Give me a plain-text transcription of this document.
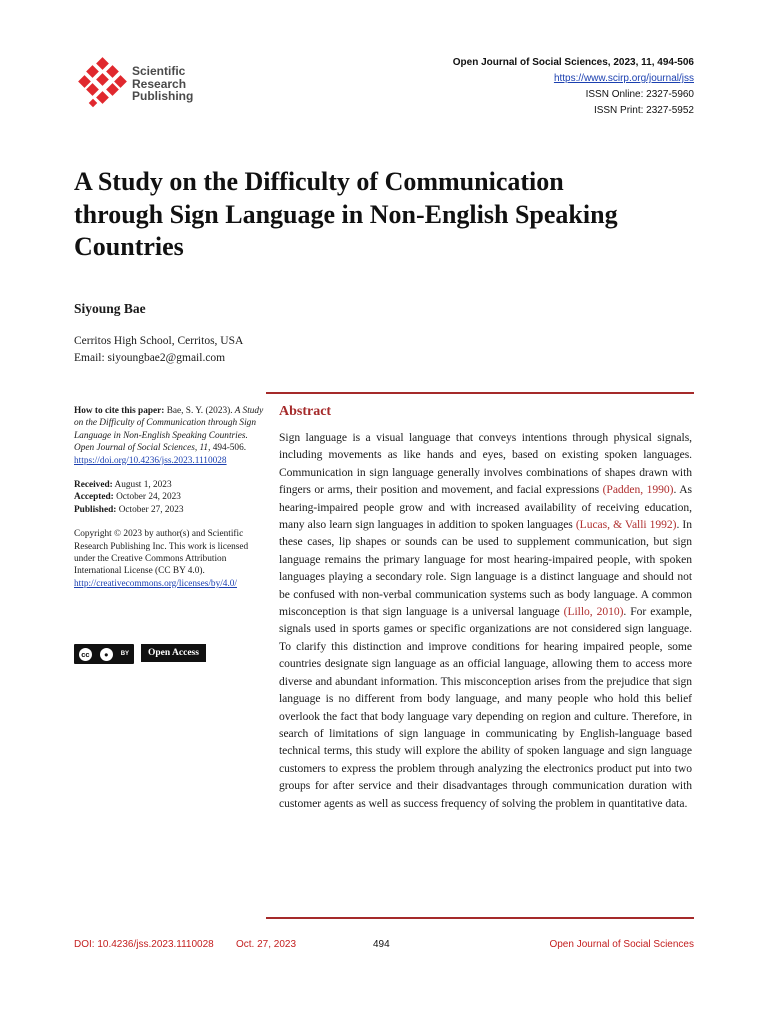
Scientific
Research
Publishing
Open Journal of Social Sciences, 2023, 11, 494-506
https://www.scirp.org/journal/jss
ISSN Online: 2327-5960
ISSN Print: 2327-5952
A Study on the Difficulty of Communication
through Sign Language in Non-English Speaking
Countries
Siyoung Bae
Cerritos High School, Cerritos, USA
Email: siyoungbae2@gmail.com

How to cite this paper: Bae, S. Y. (2023). A Study on the Difficulty of Communication through Sign Language in Non-English Speaking Countries. Open Journal of Social Sciences, 11, 494-506.

https://doi.org/10.4236/jss.2023.1110028

Received: August 1, 2023

Accepted: October 24, 2023

Published: October 27, 2023

Copyright © 2023 by author(s) and Scientific Research Publishing Inc. This work is licensed under the Creative Commons Attribution International License (CC BY 4.0).

http://creativecommons.org/licenses/by/4.0/

cc	●	BY	Open Access
Abstract

Sign language is a visual language that conveys intentions through physical signals, including movements as like hands and eyes, based on existing spoken languages. Communication in sign language generally involves combinations of shapes drawn with fingers or arms, their position and movement, and facial expressions (Padden, 1990). As hearing-impaired people grow and with increased availability of receiving education, many also learn sign languages in addition to spoken languages (Lucas, & Valli 1992). In these cases, lip shapes or sounds can be used to supplement communication, but sign language remains the primary language for most hearing-impaired people, with spoken languages playing a secondary role. Sign language is a distinct language and should not be confused with non-verbal communication systems such as body language. A common misconception is that sign language is a universal language (Lillo, 2010). For example, signals used in sports games or specific organizations are not considered sign language. To clarify this distinction and improve conditions for hearing impaired people, some countries designate sign language as an official language, allowing them to access more diverse and abundant information. This misconception arises from the prejudice that sign language is no different from body language, and many people who hold this belief overlook the fact that body language vary depending on region and culture. Therefore, in search of limitations of sign language in communicating by English-language based technical terms, this study will explore the ability of spoken language and sign language customers to express the problem through analyzing the electronics product put into two groups for after service and their disadvantages through communication duration with customer agents as well as success frequency of solving the problem in quantitative data.

DOI: 10.4236/jss.2023.1110028 Oct. 27, 2023	494	Open Journal of Social Sciences
